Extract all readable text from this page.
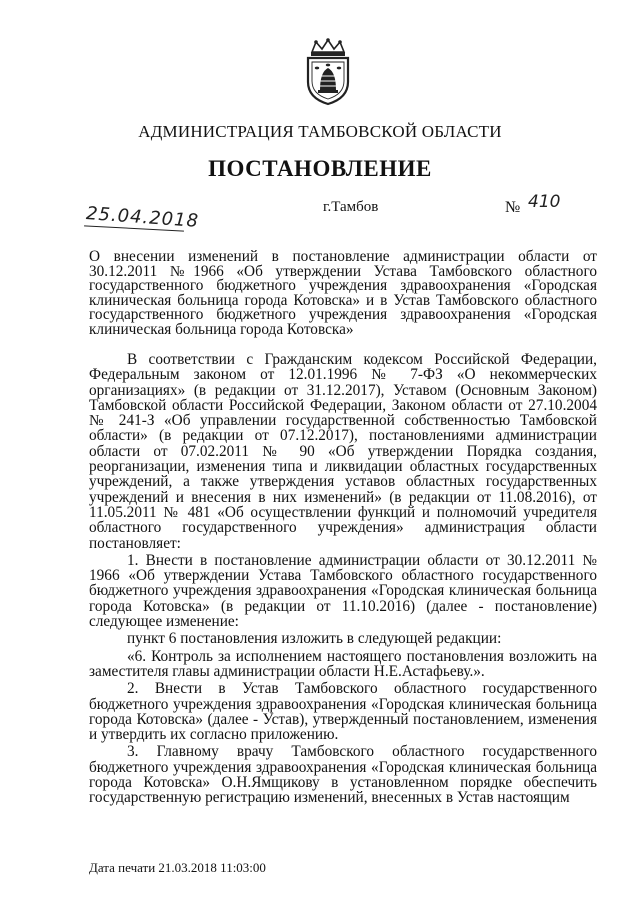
АДМИНИСТРАЦИЯ ТАМБОВСКОЙ ОБЛАСТИ
ПОСТАНОВЛЕНИЕ
25.04.2018	г.Тамбов	№ 410
О внесении изменений в постановление администрации области от 30.12.2011 №1966 «Об утверждении Устава Тамбовского областного государственного бюджетного учреждения здравоохранения «Городская клиническая больница города Котовска» и в Устав Тамбовского областного государственного бюджетного учреждения здравоохранения «Городская клиническая больница города Котовска»

В соответствии с Гражданским кодексом Российской Федерации, Федеральным законом от 12.01.1996 № 7-ФЗ «О некоммерческих организациях» (в редакции от 31.12.2017), Уставом (Основным Законом) Тамбовской области Российской Федерации, Законом области от 27.10.2004 № 241-З «Об управлении государственной собственностью Тамбовской области» (в редакции от 07.12.2017), постановлениями администрации области от 07.02.2011 № 90 «Об утверждении Порядка создания, реорганизации, изменения типа и ликвидации областных государственных учреждений, а также утверждения уставов областных государственных учреждений и внесения в них изменений» (в редакции от 11.08.2016), от 11.05.2011 № 481 «Об осуществлении функций и полномочий учредителя областного государственного учреждения» администрация области постановляет:

1. Внести в постановление администрации области от 30.12.2011 № 1966 «Об утверждении Устава Тамбовского областного государственного бюджетного учреждения здравоохранения «Городская клиническая больница города Котовска» (в редакции от 11.10.2016) (далее - постановление) следующее изменение:

пункт 6 постановления изложить в следующей редакции:

«6. Контроль за исполнением настоящего постановления возложить на заместителя главы администрации области Н.Е.Астафьеву.».

2. Внести в Устав Тамбовского областного государственного бюджетного учреждения здравоохранения «Городская клиническая больница города Котовска» (далее - Устав), утвержденный постановлением, изменения и утвердить их согласно приложению.

3. Главному врачу Тамбовского областного государственного бюджетного учреждения здравоохранения «Городская клиническая больница города Котовска» О.Н.Ямщикову в установленном порядке обеспечить государственную регистрацию изменений, внесенных в Устав настоящим

Дата печати 21.03.2018 11:03:00
